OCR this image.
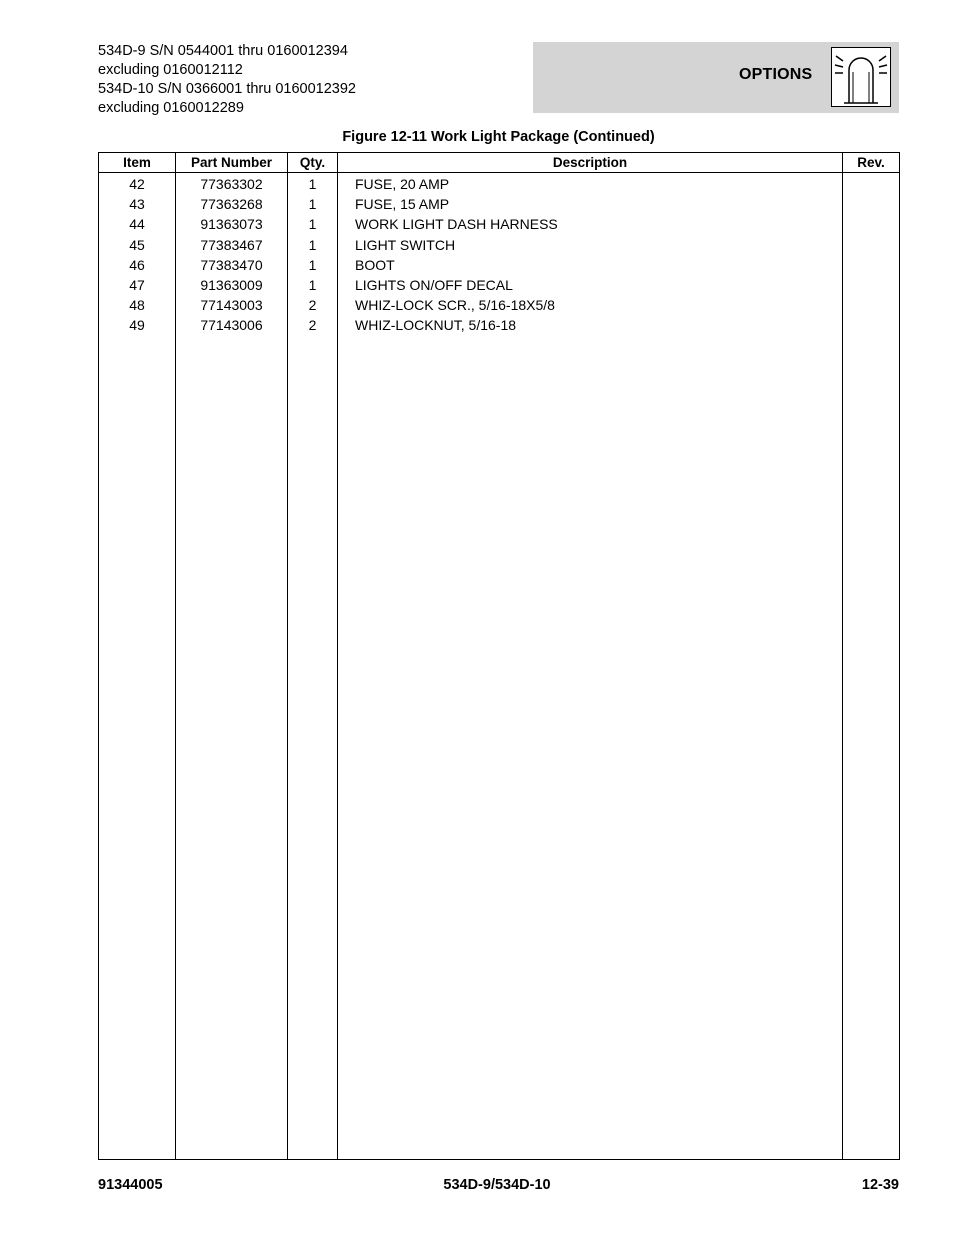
534D-9 S/N 0544001 thru 0160012394
excluding 0160012112
534D-10 S/N 0366001 thru 0160012392
excluding 0160012289
OPTIONS
Figure 12-11 Work Light Package (Continued)
Item	Part Number	Qty.	Description	Rev.
42	77363302	1	FUSE, 20 AMP	
43	77363268	1	FUSE, 15 AMP	
44	91363073	1	WORK LIGHT DASH HARNESS	
45	77383467	1	LIGHT SWITCH	
46	77383470	1	BOOT	
47	91363009	1	LIGHTS ON/OFF DECAL	
48	77143003	2	WHIZ-LOCK SCR., 5/16-18X5/8	
49	77143006	2	WHIZ-LOCKNUT, 5/16-18	

91344005	534D-9/534D-10	12-39
